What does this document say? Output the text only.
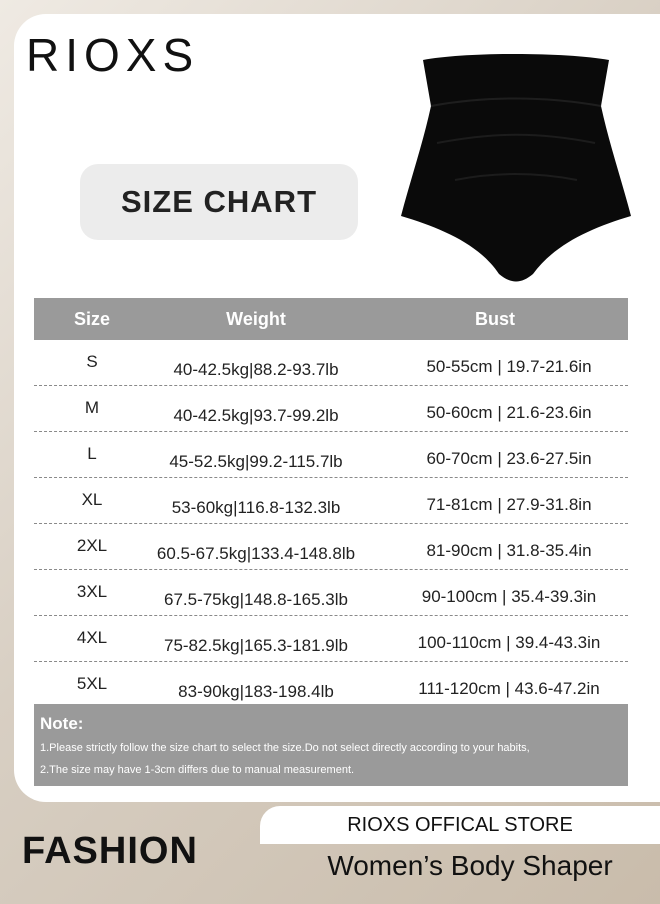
RIOXS
SIZE CHART
Size	Weight	Bust
S	40-42.5kg|88.2-93.7lb	50-55cm | 19.7-21.6in
M	40-42.5kg|93.7-99.2lb	50-60cm | 21.6-23.6in
L	45-52.5kg|99.2-115.7lb	60-70cm | 23.6-27.5in
XL	53-60kg|116.8-132.3lb	71-81cm | 27.9-31.8in
2XL	60.5-67.5kg|133.4-148.8lb	81-90cm | 31.8-35.4in
3XL	67.5-75kg|148.8-165.3lb	90-100cm | 35.4-39.3in
4XL	75-82.5kg|165.3-181.9lb	100-110cm | 39.4-43.3in
5XL	83-90kg|183-198.4lb	111-120cm | 43.6-47.2in
Note:
1.Please strictly follow the size chart to select the size.Do not select directly according to your habits,
2.The size may have 1-3cm differs due to manual measurement.
FASHION
RIOXS OFFICAL STORE
Women’s Body Shaper
